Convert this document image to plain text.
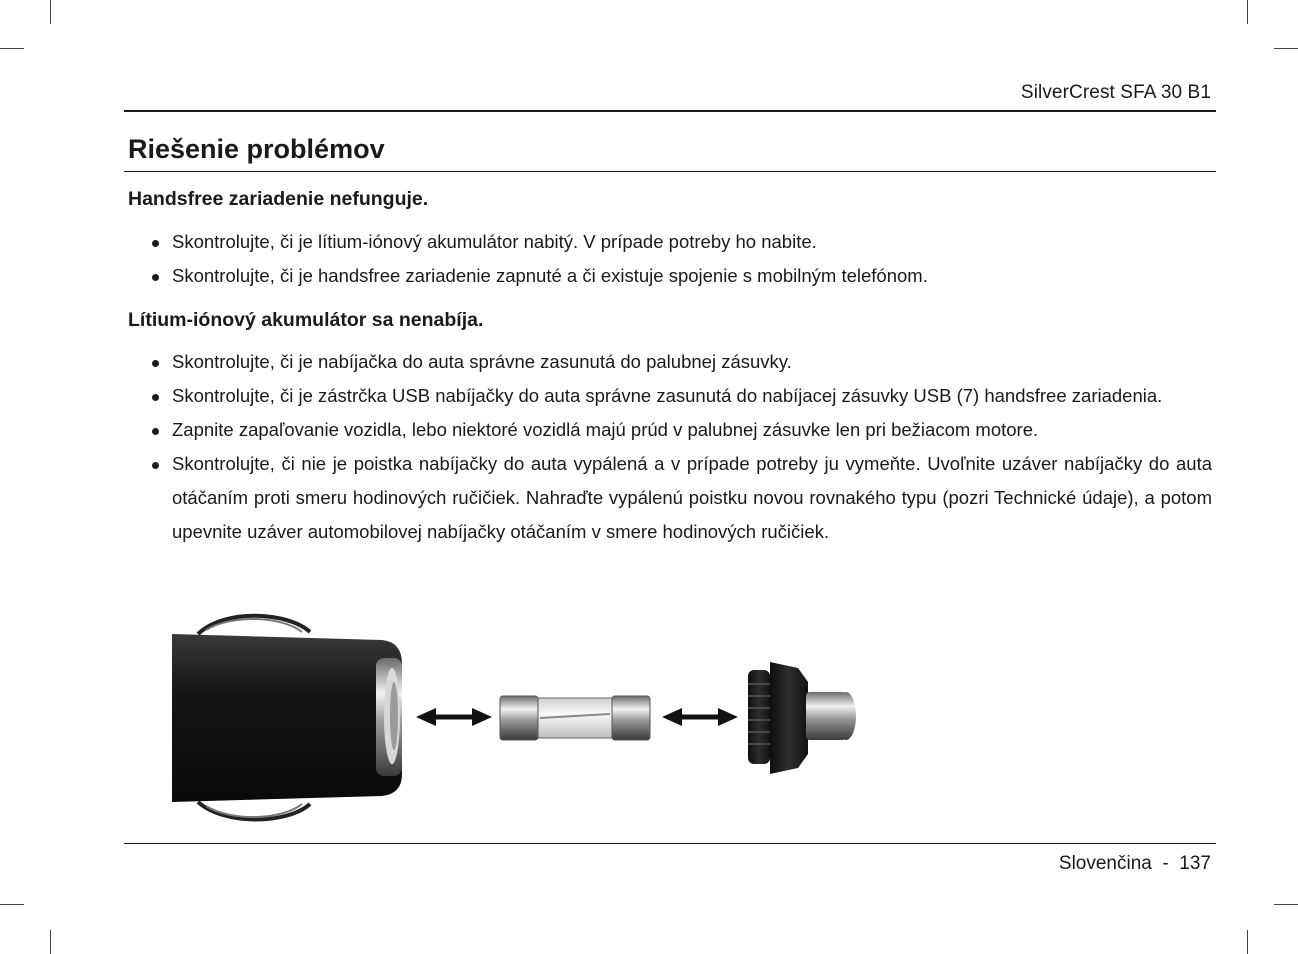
SilverCrest SFA 30 B1
Riešenie problémov
Handsfree zariadenie nefunguje.
Skontrolujte, či je lítium-iónový akumulátor nabitý. V prípade potreby ho nabite.
Skontrolujte, či je handsfree zariadenie zapnuté a či existuje spojenie s mobilným telefónom.
Lítium-iónový akumulátor sa nenabíja.
Skontrolujte, či je nabíjačka do auta správne zasunutá do palubnej zásuvky.
Skontrolujte, či je zástrčka USB nabíjačky do auta správne zasunutá do nabíjacej zásuvky USB (7) handsfree zariadenia.
Zapnite zapaľovanie vozidla, lebo niektoré vozidlá majú prúd v palubnej zásuvke len pri bežiacom motore.
Skontrolujte, či nie je poistka nabíjačky do auta vypálená a v prípade potreby ju vymeňte. Uvoľnite uzáver nabíjačky do auta otáčaním proti smeru hodinových ručičiek. Nahraďte vypálenú poistku novou rovnakého typu (pozri Technické údaje), a potom upevnite uzáver automobilovej nabíjačky otáčaním v smere hodinových ručičiek.
Slovenčina - 137
